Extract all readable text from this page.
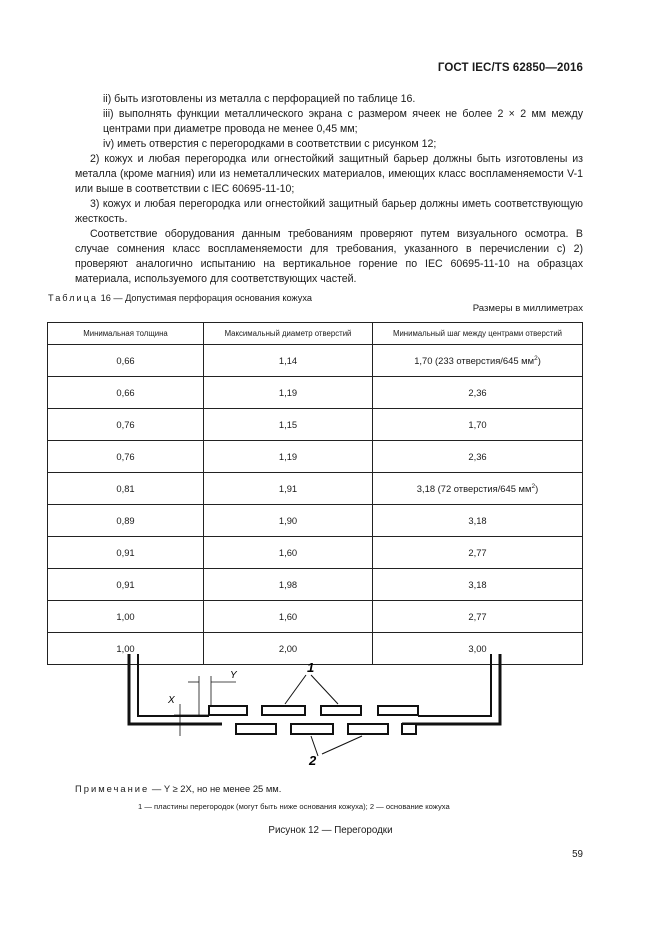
ГОСТ IEC/TS 62850—2016
ii) быть изготовлены из металла с перфорацией по таблице 16.
iii) выполнять функции металлического экрана с размером ячеек не более 2 × 2 мм между центрами при диаметре провода не менее 0,45 мм;
iv) иметь отверстия с перегородками в соответствии с рисунком 12;
2) кожух и любая перегородка или огнестойкий защитный барьер должны быть изготовлены из металла (кроме магния) или из неметаллических материалов, имеющих класс воспламеняемости V-1 или выше в соответствии с IEC 60695-11-10;
3) кожух и любая перегородка или огнестойкий защитный барьер должны иметь соответствующую жесткость.
Соответствие оборудования данным требованиям проверяют путем визуального осмотра. В случае сомнения класс воспламеняемости для требования, указанного в перечислении c) 2) проверяют аналогично испытанию на вертикальное горение по IEC 60695-11-10 на образцах материала, используемого для соответствующих частей.
Таблица 16 — Допустимая перфорация основания кожуха
Размеры в миллиметрах
Минимальная толщина	Максимальный диаметр отверстий	Минимальный шаг между центрами отверстий
0,66	1,14	1,70 (233 отверстия/645 $мм^2$)
0,66	1,19	2,36
0,76	1,15	1,70
0,76	1,19	2,36
0,81	1,91	3,18 (72 отверстия/645 $мм^2$)
0,89	1,90	3,18
0,91	1,60	2,77
0,91	1,98	3,18
1,00	1,60	2,77
1,00	2,00	3,00
Y
X
1
2
Примечание — Y ≥ 2X, но не менее 25 мм.
1 — пластины перегородок (могут быть ниже основания кожуха); 2 — основание кожуха
Рисунок 12 — Перегородки
59
